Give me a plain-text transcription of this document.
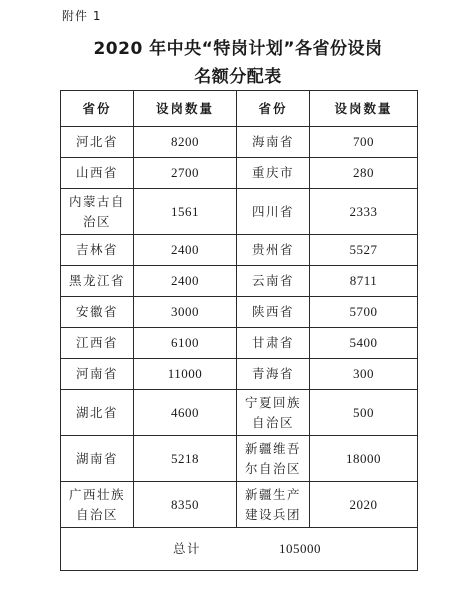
附件 1
2020 年中央“特岗计划”各省份设岗
名额分配表
省份	设岗数量	省份	设岗数量
河北省	8200	海南省	700
山西省	2700	重庆市	280
内蒙古自治区	1561	四川省	2333
吉林省	2400	贵州省	5527
黑龙江省	2400	云南省	8711
安徽省	3000	陕西省	5700
江西省	6100	甘肃省	5400
河南省	11000	青海省	300
湖北省	4600	宁夏回族自治区	500
湖南省	5218	新疆维吾尔自治区	18000
广西壮族自治区	8350	新疆生产建设兵团	2020
总计 105000			
